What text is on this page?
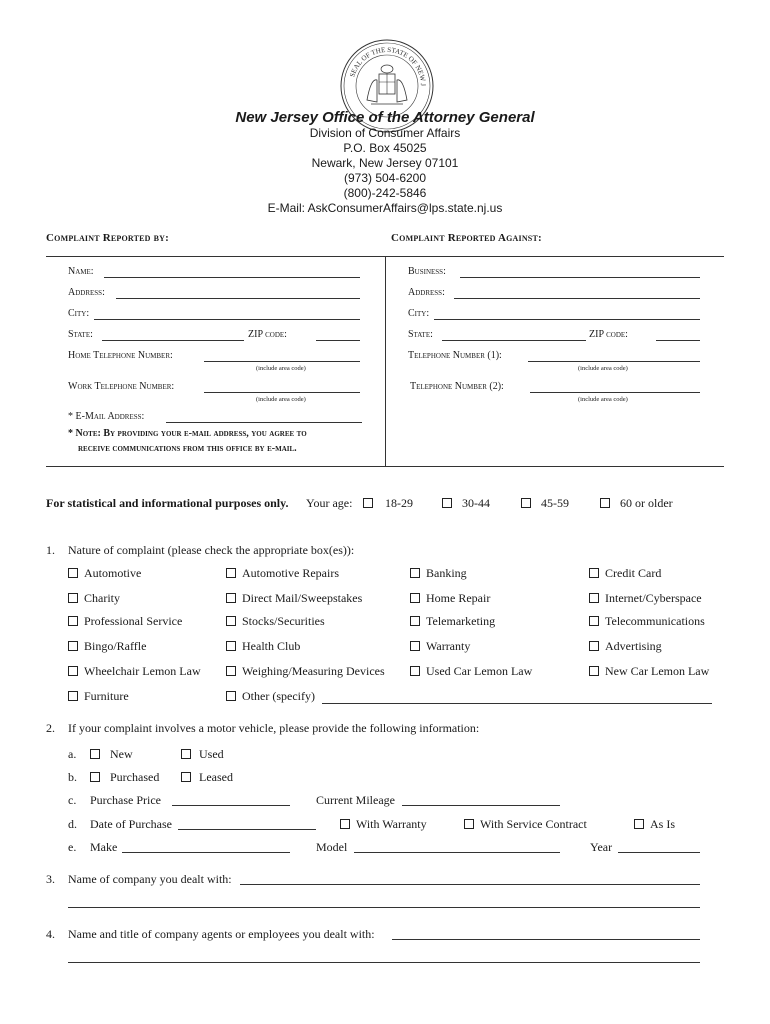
SEAL OF THE STATE OF NEW J
New Jersey Office of the Attorney General
Division of Consumer Affairs
P.O. Box 45025
Newark, New Jersey 07101
(973) 504-6200
(800)-242-5846
E-Mail: AskConsumerAffairs@lps.state.nj.us
Complaint Reported by:	Complaint Reported Against:
Name:
Address:
City:
State:	ZIP code:
Home Telephone Number:
(include area code)
Work Telephone Number:
(include area code)
* E-Mail Address:
* Note: By providing your e-mail address, you agree to
receive communications from this office by e-mail.
Business:
Address:
City:
State:	ZIP code:
Telephone Number (1):
(include area code)
Telephone Number (2):
(include area code)
For statistical and informational purposes only. Your age:	18-29	30-44	45-59	60 or older
1. Nature of complaint (please check the appropriate box(es)):
Automotive	Automotive Repairs	Banking	Credit Card
Charity	Direct Mail/Sweepstakes	Home Repair	Internet/Cyberspace
Professional Service	Stocks/Securities	Telemarketing	Telecommunications
Bingo/Raffle	Health Club	Warranty	Advertising
Wheelchair Lemon Law	Weighing/Measuring Devices	Used Car Lemon Law	New Car Lemon Law
Furniture	Other (specify)
2. If your complaint involves a motor vehicle, please provide the following information:
a.	New	Used
b.	Purchased	Leased
c. Purchase Price	Current Mileage
d. Date of Purchase	With Warranty	With Service Contract	As Is
e. Make	Model	Year
3. Name of company you dealt with:
4. Name and title of company agents or employees you dealt with:
